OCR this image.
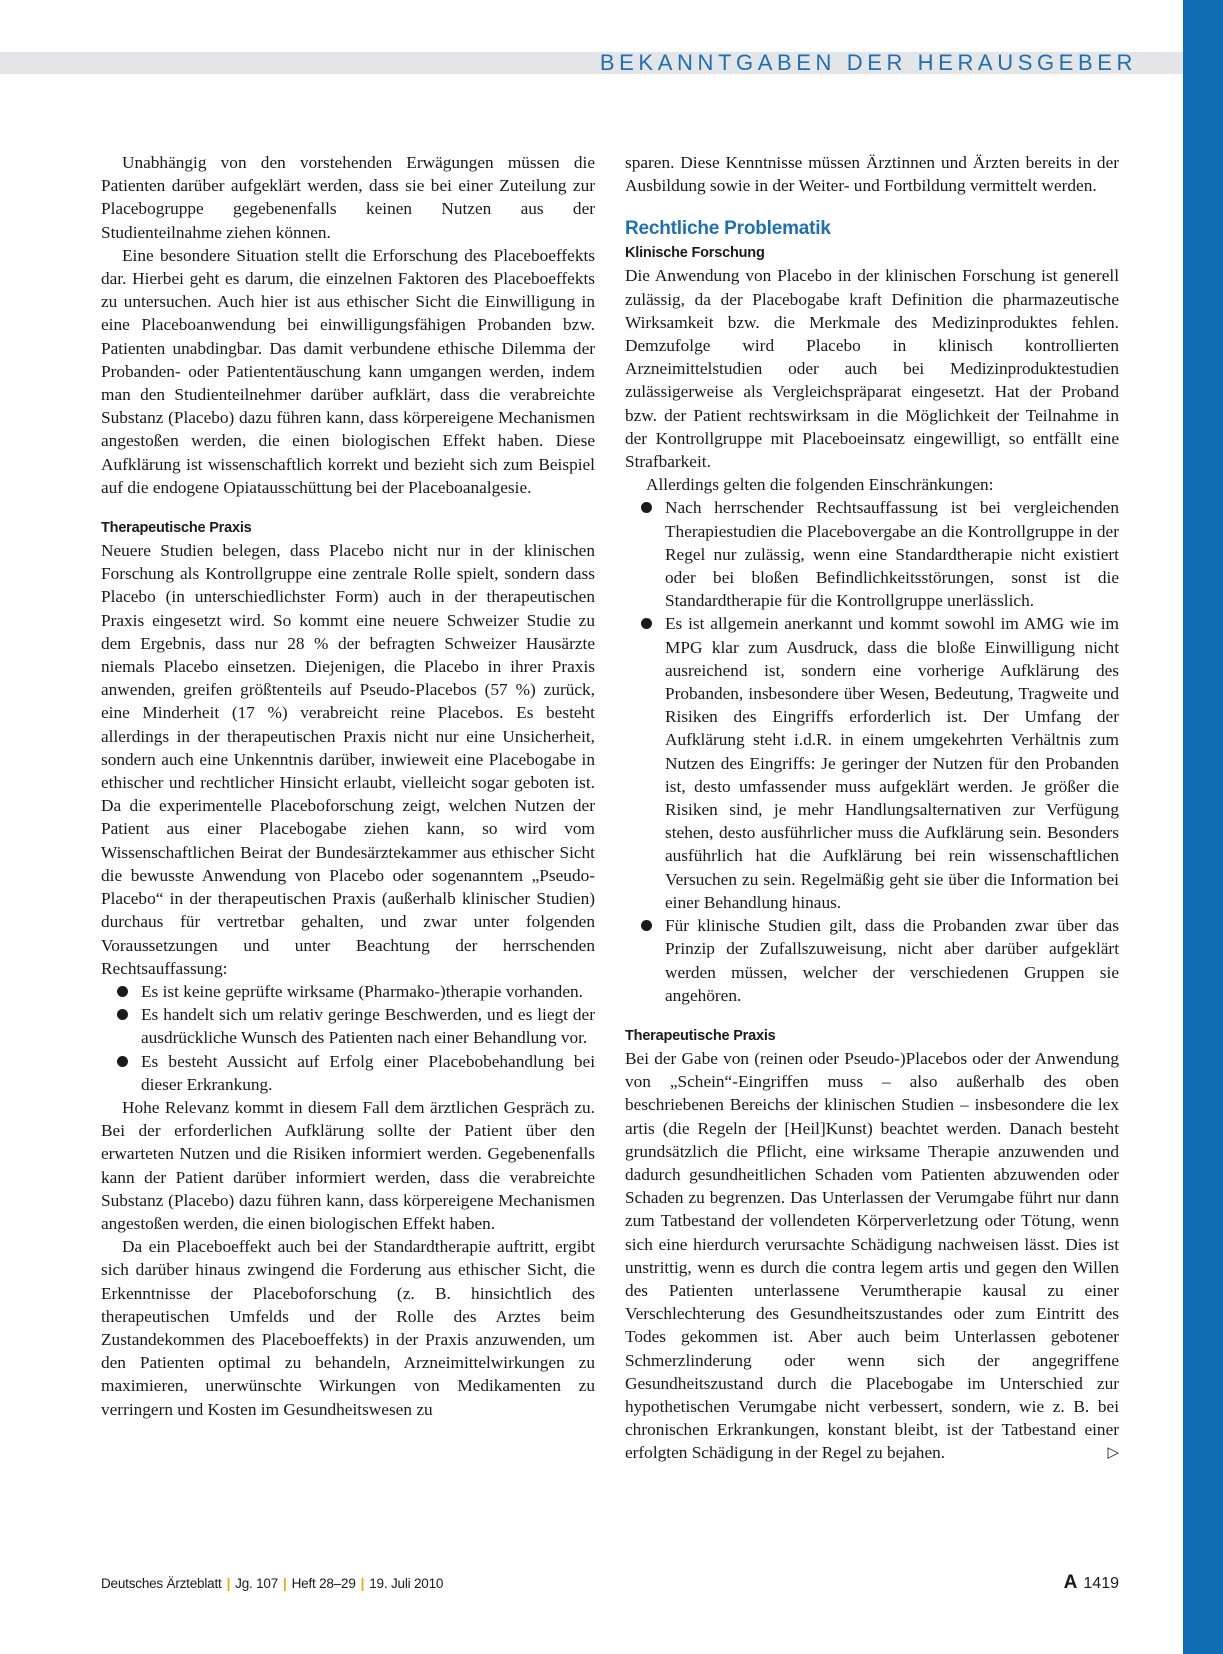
BEKANNTGABEN DER HERAUSGEBER

Unabhängig von den vorstehenden Erwägungen müssen die Patienten darüber aufgeklärt werden, dass sie bei einer Zuteilung zur Placebogruppe gegebenenfalls keinen Nutzen aus der Studienteilnahme ziehen können.

Eine besondere Situation stellt die Erforschung des Placeboeffekts dar. Hierbei geht es darum, die einzelnen Faktoren des Placeboeffekts zu untersuchen. Auch hier ist aus ethischer Sicht die Einwilligung in eine Placeboanwendung bei einwilligungsfähigen Probanden bzw. Patienten unabdingbar. Das damit verbundene ethische Dilemma der Probanden- oder Patiententäuschung kann umgangen werden, indem man den Studienteilnehmer darüber aufklärt, dass die verabreichte Substanz (Placebo) dazu führen kann, dass körpereigene Mechanismen angestoßen werden, die einen biologischen Effekt haben. Diese Aufklärung ist wissenschaftlich korrekt und bezieht sich zum Beispiel auf die endogene Opiatausschüttung bei der Placeboanalgesie.

Therapeutische Praxis

Neuere Studien belegen, dass Placebo nicht nur in der klinischen Forschung als Kontrollgruppe eine zentrale Rolle spielt, sondern dass Placebo (in unterschiedlichster Form) auch in der therapeutischen Praxis eingesetzt wird. So kommt eine neuere Schweizer Studie zu dem Ergebnis, dass nur 28 % der befragten Schweizer Hausärzte niemals Placebo einsetzen. Diejenigen, die Placebo in ihrer Praxis anwenden, greifen größtenteils auf Pseudo-Placebos (57 %) zurück, eine Minderheit (17 %) verabreicht reine Placebos. Es besteht allerdings in der therapeutischen Praxis nicht nur eine Unsicherheit, sondern auch eine Unkenntnis darüber, inwieweit eine Placebogabe in ethischer und rechtlicher Hinsicht erlaubt, vielleicht sogar geboten ist. Da die experimentelle Placeboforschung zeigt, welchen Nutzen der Patient aus einer Placebogabe ziehen kann, so wird vom Wissenschaftlichen Beirat der Bundesärztekammer aus ethischer Sicht die bewusste Anwendung von Placebo oder sogenanntem „Pseudo-Placebo“ in der therapeutischen Praxis (außerhalb klinischer Studien) durchaus für vertretbar gehalten, und zwar unter folgenden Voraussetzungen und unter Beachtung der herrschenden Rechtsauffassung:

Es ist keine geprüfte wirksame (Pharmako-)therapie vorhanden.
Es handelt sich um relativ geringe Beschwerden, und es liegt der ausdrückliche Wunsch des Patienten nach einer Behandlung vor.
Es besteht Aussicht auf Erfolg einer Placebobehandlung bei dieser Erkrankung.

Hohe Relevanz kommt in diesem Fall dem ärztlichen Gespräch zu. Bei der erforderlichen Aufklärung sollte der Patient über den erwarteten Nutzen und die Risiken informiert werden. Gegebenenfalls kann der Patient darüber informiert werden, dass die verabreichte Substanz (Placebo) dazu führen kann, dass körpereigene Mechanismen angestoßen werden, die einen biologischen Effekt haben.

Da ein Placeboeffekt auch bei der Standardtherapie auftritt, ergibt sich darüber hinaus zwingend die Forderung aus ethischer Sicht, die Erkenntnisse der Placeboforschung (z. B. hinsichtlich des therapeutischen Umfelds und der Rolle des Arztes beim Zustandekommen des Placeboeffekts) in der Praxis anzuwenden, um den Patienten optimal zu behandeln, Arzneimittelwirkungen zu maximieren, unerwünschte Wirkungen von Medikamenten zu verringern und Kosten im Gesundheitswesen zu

sparen. Diese Kenntnisse müssen Ärztinnen und Ärzten bereits in der Ausbildung sowie in der Weiter- und Fortbildung vermittelt werden.

Rechtliche Problematik
Klinische Forschung

Die Anwendung von Placebo in der klinischen Forschung ist generell zulässig, da der Placebogabe kraft Definition die pharmazeutische Wirksamkeit bzw. die Merkmale des Medizinproduktes fehlen. Demzufolge wird Placebo in klinisch kontrollierten Arzneimittelstudien oder auch bei Medizinproduktestudien zulässigerweise als Vergleichspräparat eingesetzt. Hat der Proband bzw. der Patient rechtswirksam in die Möglichkeit der Teilnahme in der Kontrollgruppe mit Placeboeinsatz eingewilligt, so entfällt eine Strafbarkeit.

Allerdings gelten die folgenden Einschränkungen:

Nach herrschender Rechtsauffassung ist bei vergleichenden Therapiestudien die Placebovergabe an die Kontrollgruppe in der Regel nur zulässig, wenn eine Standardtherapie nicht existiert oder bei bloßen Befindlichkeitsstörungen, sonst ist die Standardtherapie für die Kontrollgruppe unerlässlich.
Es ist allgemein anerkannt und kommt sowohl im AMG wie im MPG klar zum Ausdruck, dass die bloße Einwilligung nicht ausreichend ist, sondern eine vorherige Aufklärung des Probanden, insbesondere über Wesen, Bedeutung, Tragweite und Risiken des Eingriffs erforderlich ist. Der Umfang der Aufklärung steht i.d.R. in einem umgekehrten Verhältnis zum Nutzen des Eingriffs: Je geringer der Nutzen für den Probanden ist, desto umfassender muss aufgeklärt werden. Je größer die Risiken sind, je mehr Handlungsalternativen zur Verfügung stehen, desto ausführlicher muss die Aufklärung sein. Besonders ausführlich hat die Aufklärung bei rein wissenschaftlichen Versuchen zu sein. Regelmäßig geht sie über die Information bei einer Behandlung hinaus.
Für klinische Studien gilt, dass die Probanden zwar über das Prinzip der Zufallszuweisung, nicht aber darüber aufgeklärt werden müssen, welcher der verschiedenen Gruppen sie angehören.
Therapeutische Praxis

Bei der Gabe von (reinen oder Pseudo-)Placebos oder der Anwendung von „Schein“-Eingriffen muss – also außerhalb des oben beschriebenen Bereichs der klinischen Studien – insbesondere die lex artis (die Regeln der [Heil]Kunst) beachtet werden. Danach besteht grundsätzlich die Pflicht, eine wirksame Therapie anzuwenden und dadurch gesundheitlichen Schaden vom Patienten abzuwenden oder Schaden zu begrenzen. Das Unterlassen der Verumgabe führt nur dann zum Tatbestand der vollendeten Körperverletzung oder Tötung, wenn sich eine hierdurch verursachte Schädigung nachweisen lässt. Dies ist unstrittig, wenn es durch die contra legem artis und gegen den Willen des Patienten unterlassene Verumtherapie kausal zu einer Verschlechterung des Gesundheitszustandes oder zum Eintritt des Todes gekommen ist. Aber auch beim Unterlassen gebotener Schmerzlinderung oder wenn sich der angegriffene Gesundheitszustand durch die Placebogabe im Unterschied zur hypothetischen Verumgabe nicht verbessert, sondern, wie z. B. bei chronischen Erkrankungen, konstant bleibt, ist der Tatbestand einer erfolgten Schädigung in der Regel zu bejahen.	▷

Deutsches Ärzteblatt | Jg. 107 | Heft 28–29 | 19. Juli 2010	A 1419
